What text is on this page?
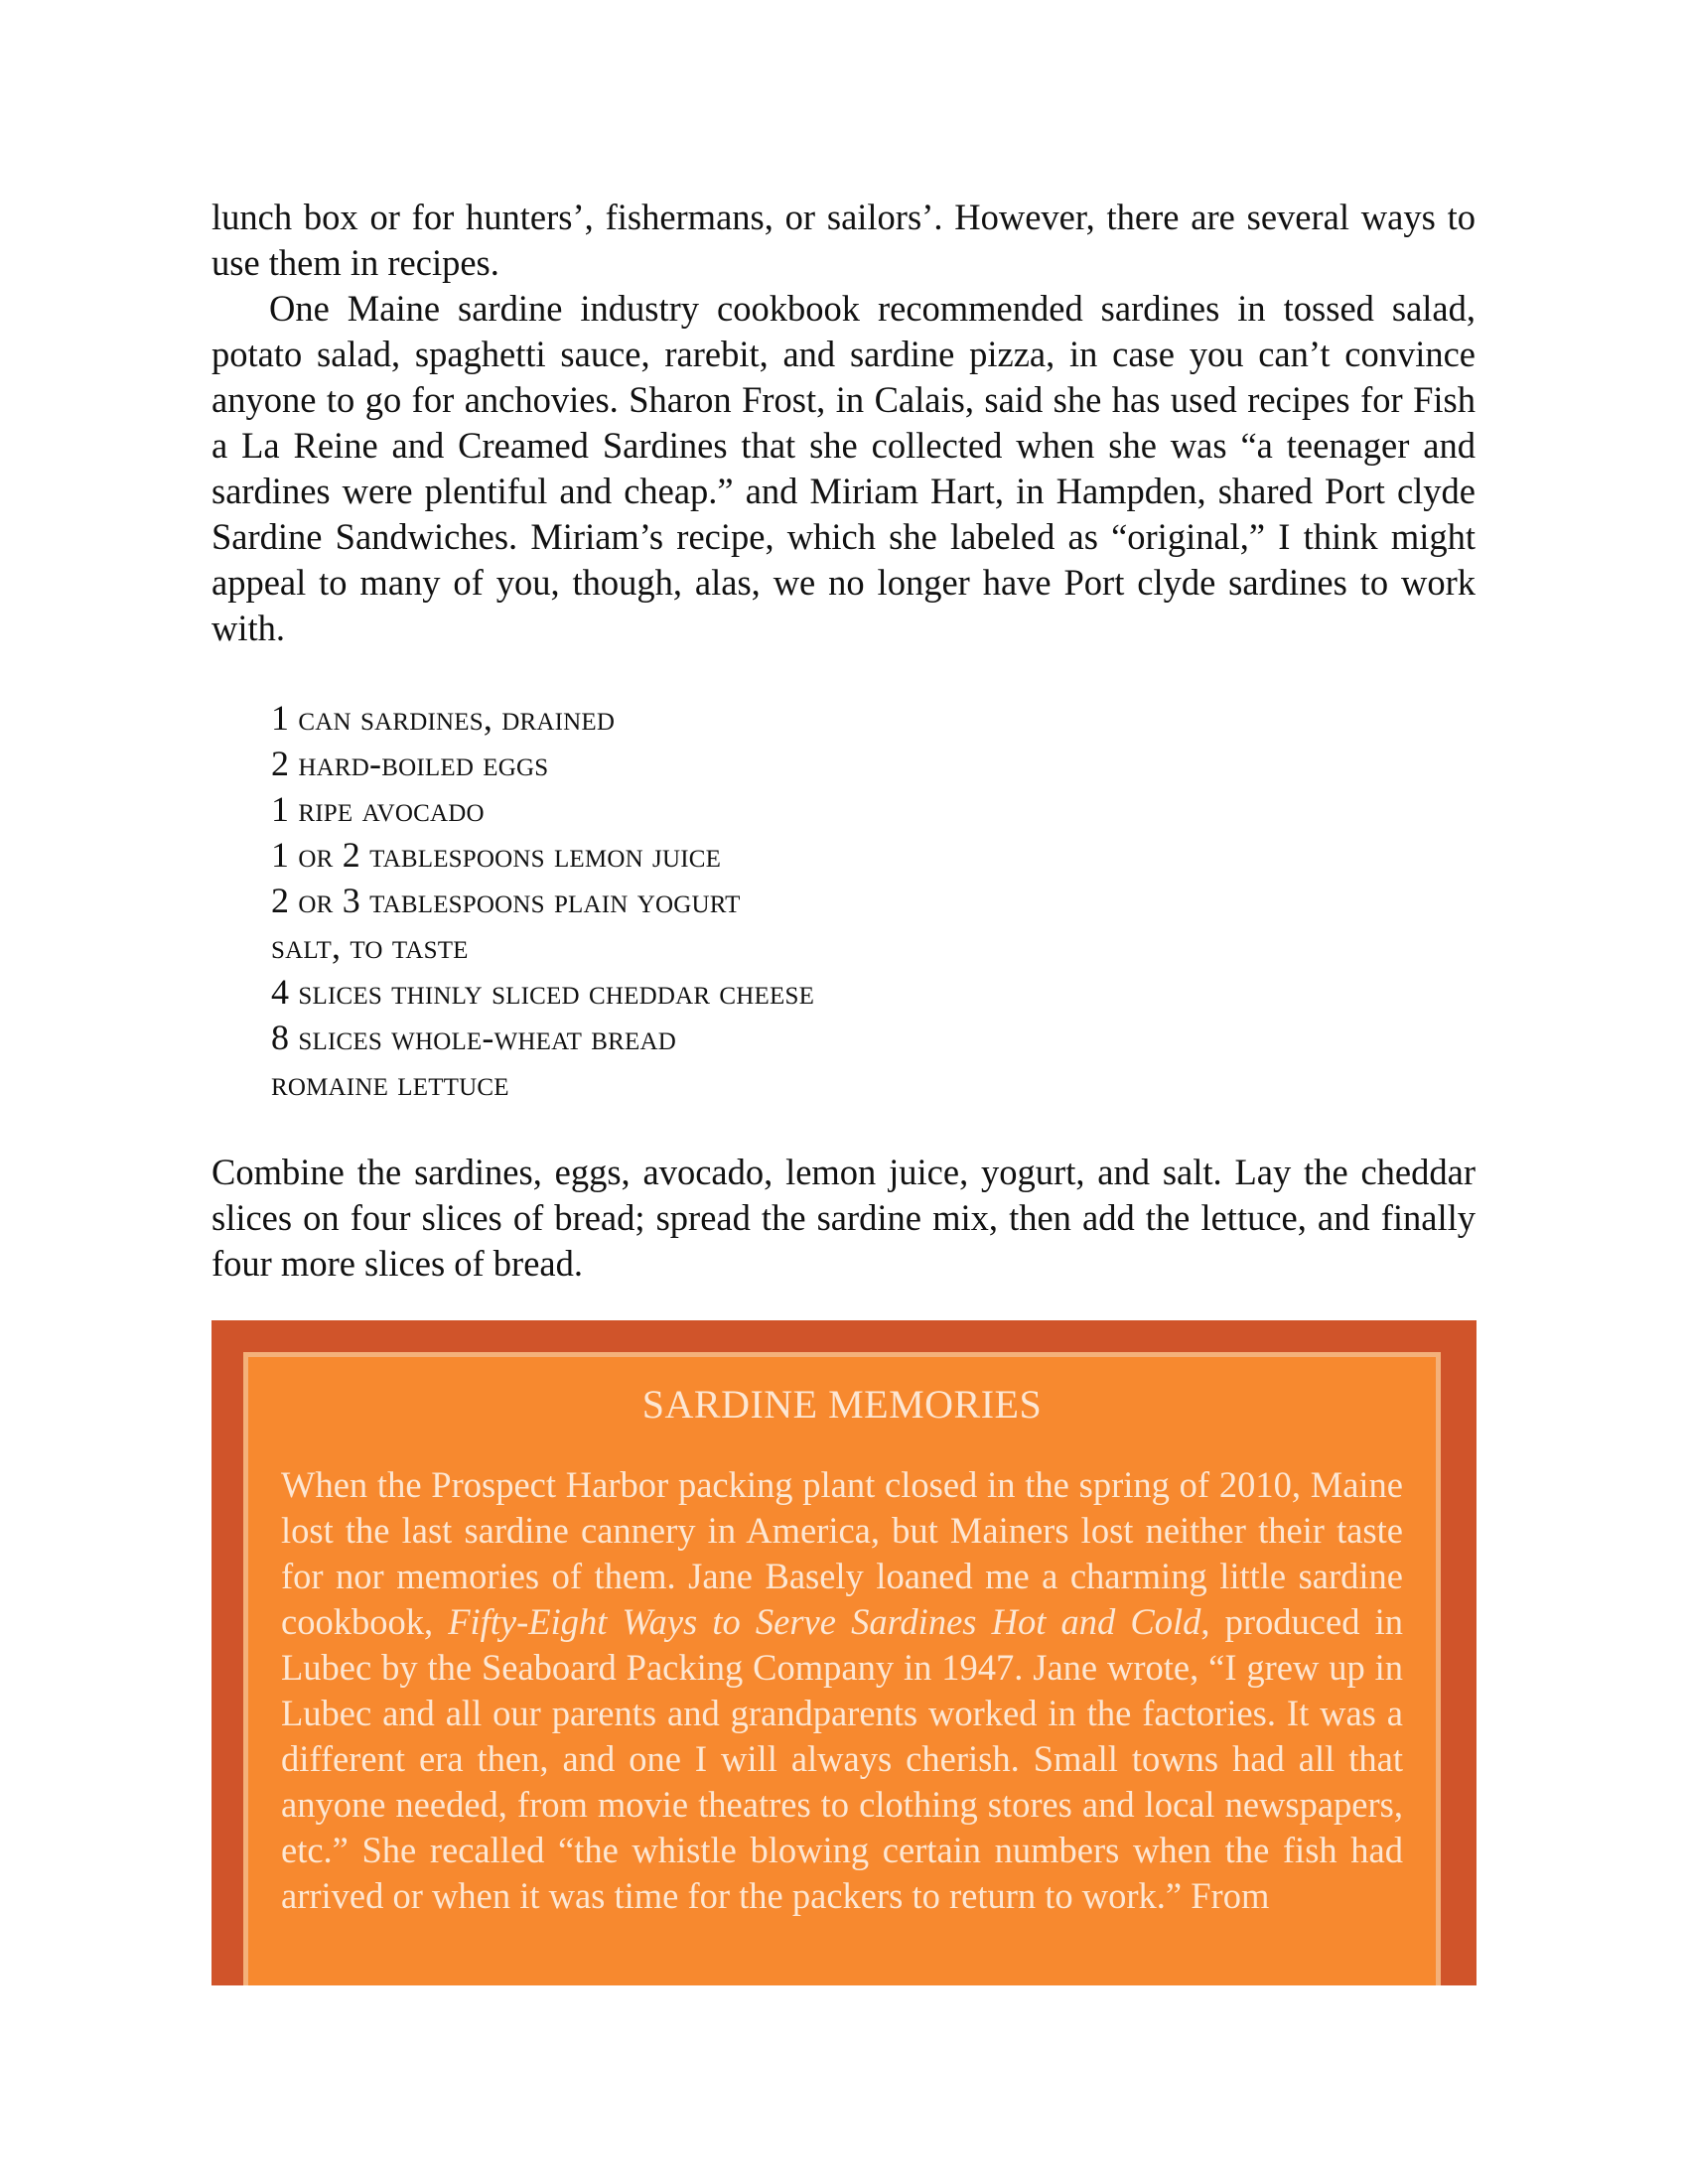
lunch box or for hunters’, fishermans, or sailors’. However, there are several ways to use them in recipes.

One Maine sardine industry cookbook recommended sardines in tossed salad, potato salad, spaghetti sauce, rarebit, and sardine pizza, in case you can’t convince anyone to go for anchovies. Sharon Frost, in Calais, said she has used recipes for Fish a La Reine and Creamed Sardines that she collected when she was “a teenager and sardines were plentiful and cheap.” and Miriam Hart, in Hampden, shared Port clyde Sardine Sandwiches. Miriam’s recipe, which she labeled as “original,” I think might appeal to many of you, though, alas, we no longer have Port clyde sardines to work with.

1 can sardines, drained
2 hard-boiled eggs
1 ripe avocado
1 or 2 tablespoons lemon juice
2 or 3 tablespoons plain yogurt
salt, to taste
4 slices thinly sliced cheddar cheese
8 slices whole-wheat bread
romaine lettuce

Combine the sardines, eggs, avocado, lemon juice, yogurt, and salt. Lay the cheddar slices on four slices of bread; spread the sardine mix, then add the lettuce, and finally four more slices of bread.

SARDINE MEMORIES

When the Prospect Harbor packing plant closed in the spring of 2010, Maine lost the last sardine cannery in America, but Mainers lost neither their taste for nor memories of them. Jane Basely loaned me a charming little sardine cookbook, Fifty-Eight Ways to Serve Sardines Hot and Cold, produced in Lubec by the Seaboard Packing Company in 1947. Jane wrote, “I grew up in Lubec and all our parents and grandparents worked in the factories. It was a different era then, and one I will always cherish. Small towns had all that anyone needed, from movie theatres to clothing stores and local newspapers, etc.” She recalled “the whistle blowing certain numbers when the fish had arrived or when it was time for the packers to return to work.” From
